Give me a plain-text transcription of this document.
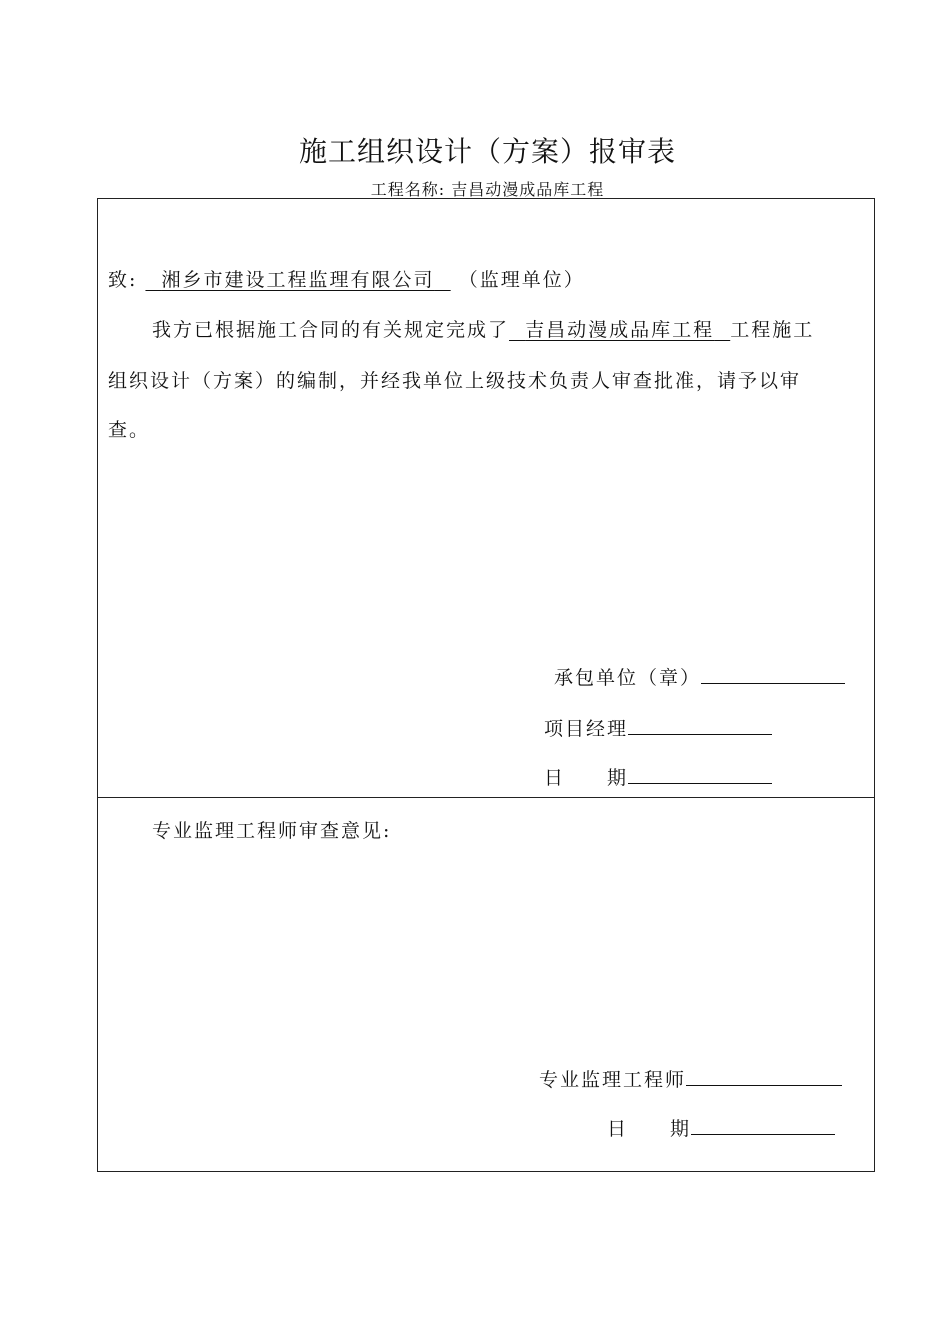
施工组织设计（方案）报审表
工程名称: 吉昌动漫成品库工程
致: 湘乡市建设工程监理有限公司 （监理单位）
我方已根据施工合同的有关规定完成了 吉昌动漫成品库工程 工程施工
组织设计（方案）的编制，并经我单位上级技术负责人审查批准，请予以审
查。
承包单位（章）
项目经理
日　　期
专业监理工程师审查意见:
专业监理工程师
日　　期
